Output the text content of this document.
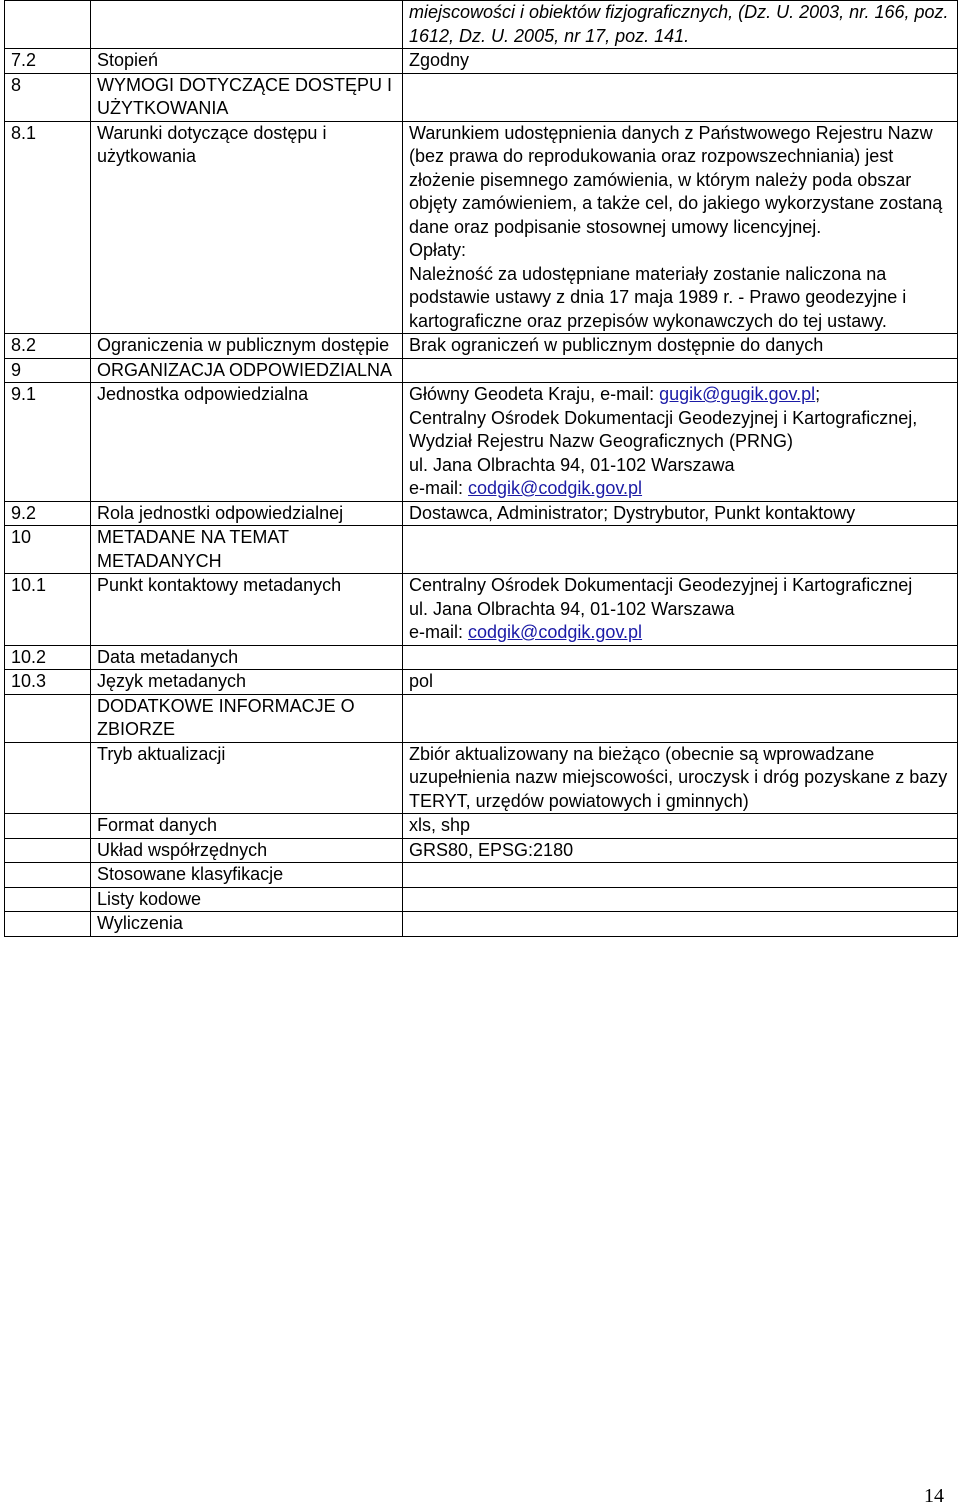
		miejscowości i obiektów fizjograficznych, (Dz. U. 2003, nr. 166, poz. 1612, Dz. U. 2005, nr 17, poz. 141.
7.2	Stopień	Zgodny
8	WYMOGI DOTYCZĄCE DOSTĘPU I UŻYTKOWANIA	
8.1	Warunki dotyczące dostępu i użytkowania	Warunkiem udostępnienia danych z Państwowego Rejestru Nazw (bez prawa do reprodukowania oraz rozpowszechniania) jest złożenie pisemnego zamówienia, w którym należy poda obszar objęty zamówieniem, a także cel, do jakiego wykorzystane zostaną dane oraz podpisanie stosownej umowy licencyjnej.
Opłaty:
Należność za udostępniane materiały zostanie naliczona na podstawie ustawy z dnia 17 maja 1989 r. - Prawo geodezyjne i kartograficzne oraz przepisów wykonawczych do tej ustawy.

8.2	Ograniczenia w publicznym dostępie	Brak ograniczeń w publicznym dostępnie do danych
9	ORGANIZACJA ODPOWIEDZIALNA	
9.1	Jednostka odpowiedzialna	Główny Geodeta Kraju, e-mail: gugik@gugik.gov.pl;
Centralny Ośrodek Dokumentacji Geodezyjnej i Kartograficznej, Wydział Rejestru Nazw Geograficznych (PRNG)
ul. Jana Olbrachta 94, 01-102 Warszawa
e-mail: codgik@codgik.gov.pl

9.2	Rola jednostki odpowiedzialnej	Dostawca, Administrator; Dystrybutor, Punkt kontaktowy
10	METADANE NA TEMAT METADANYCH	
10.1	Punkt kontaktowy metadanych	Centralny Ośrodek Dokumentacji Geodezyjnej i Kartograficznej
ul. Jana Olbrachta 94, 01-102 Warszawa
e-mail: codgik@codgik.gov.pl

10.2	Data metadanych	
10.3	Język metadanych	pol
	DODATKOWE INFORMACJE O ZBIORZE	
	Tryb aktualizacji	Zbiór aktualizowany na bieżąco (obecnie są wprowadzane uzupełnienia nazw miejscowości, uroczysk i dróg pozyskane z bazy TERYT, urzędów powiatowych i gminnych)
	Format danych	xls, shp
	Układ współrzędnych	GRS80, EPSG:2180
	Stosowane klasyfikacje	
	Listy kodowe	
	Wyliczenia	
14
